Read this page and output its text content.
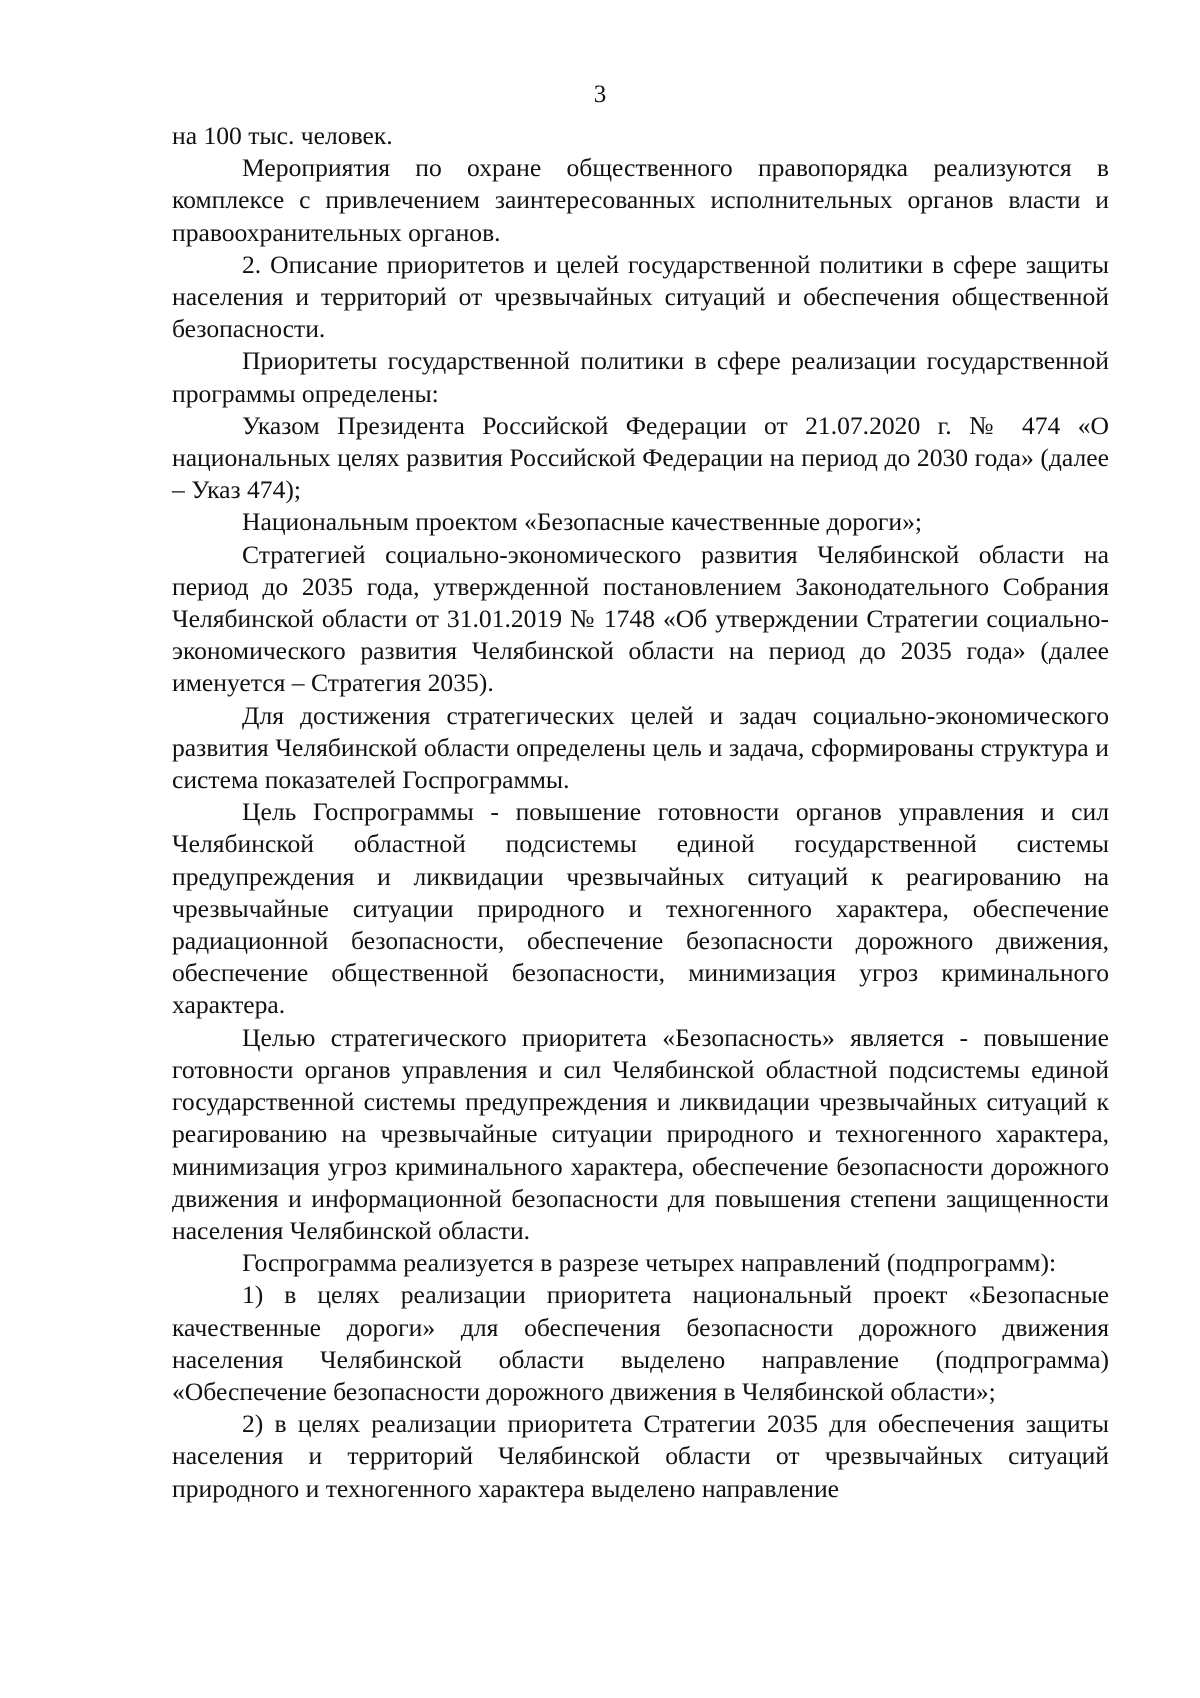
3

на 100 тыс. человек.

Мероприятия по охране общественного правопорядка реализуются в комплексе с привлечением заинтересованных исполнительных органов власти и правоохранительных органов.

2. Описание приоритетов и целей государственной политики в сфере защиты населения и территорий от чрезвычайных ситуаций и обеспечения общественной безопасности.

Приоритеты государственной политики в сфере реализации государственной программы определены:

Указом Президента Российской Федерации от 21.07.2020 г. № 474 «О национальных целях развития Российской Федерации на период до 2030 года» (далее – Указ 474);

Национальным проектом «Безопасные качественные дороги»;

Стратегией социально-экономического развития Челябинской области на период до 2035 года, утвержденной постановлением Законодательного Собрания Челябинской области от 31.01.2019 № 1748 «Об утверждении Стратегии социально-экономического развития Челябинской области на период до 2035 года» (далее именуется – Стратегия 2035).

Для достижения стратегических целей и задач социально-экономического развития Челябинской области определены цель и задача, сформированы структура и система показателей Госпрограммы.

Цель Госпрограммы - повышение готовности органов управления и сил Челябинской областной подсистемы единой государственной системы предупреждения и ликвидации чрезвычайных ситуаций к реагированию на чрезвычайные ситуации природного и техногенного характера, обеспечение радиационной безопасности, обеспечение безопасности дорожного движения, обеспечение общественной безопасности, минимизация угроз криминального характера.

Целью стратегического приоритета «Безопасность» является - повышение готовности органов управления и сил Челябинской областной подсистемы единой государственной системы предупреждения и ликвидации чрезвычайных ситуаций к реагированию на чрезвычайные ситуации природного и техногенного характера, минимизация угроз криминального характера, обеспечение безопасности дорожного движения и информационной безопасности для повышения степени защищенности населения Челябинской области.

Госпрограмма реализуется в разрезе четырех направлений (подпрограмм):

1) в целях реализации приоритета национальный проект «Безопасные качественные дороги» для обеспечения безопасности дорожного движения населения Челябинской области выделено направление (подпрограмма) «Обеспечение безопасности дорожного движения в Челябинской области»;

2) в целях реализации приоритета Стратегии 2035 для обеспечения защиты населения и территорий Челябинской области от чрезвычайных ситуаций природного и техногенного характера выделено направление
